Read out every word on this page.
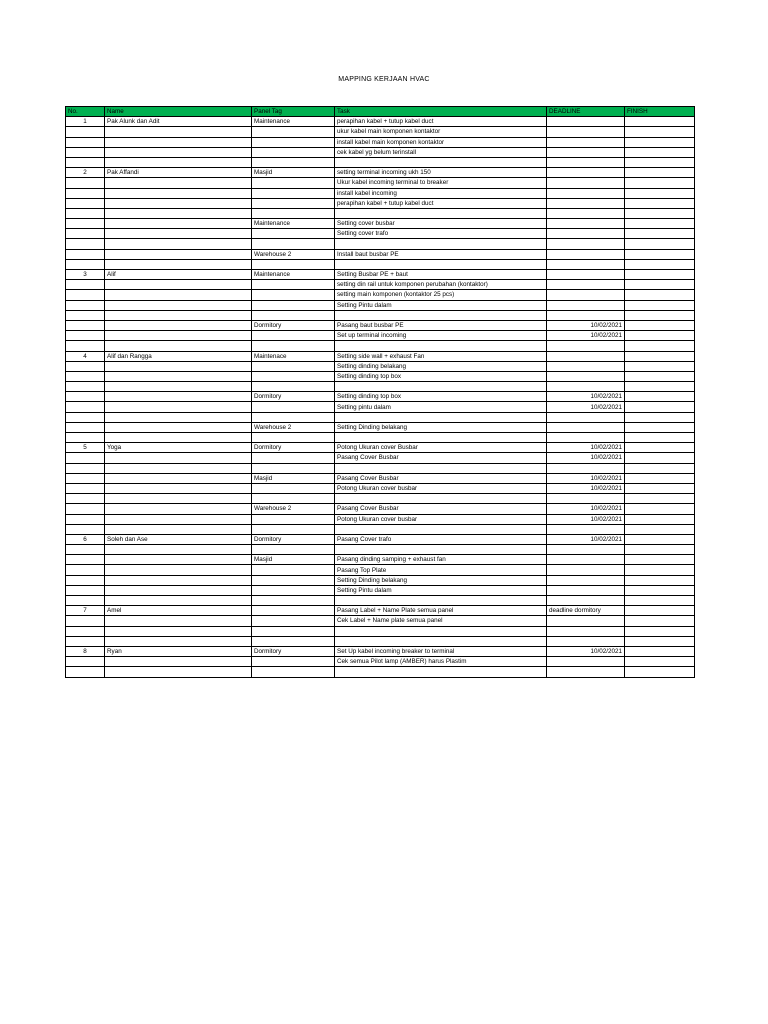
MAPPING KERJAAN HVAC
No.	Name	Panel Tag	Task	DEADLINE	FINISH
1	Pak Alunk dan Adit	Maintenance	perapihan kabel + tutup kabel duct		
			ukur kabel main komponen kontaktor		
			install kabel main komponen kontaktor		
			cek kabel yg belum terinstall		

2	Pak Affandi	Masjid	setting terminal incoming ukh 150		
			Ukur kabel incoming terminal to breaker		
			install kabel incoming		
			perapihan kabel + tutup kabel duct		

		Maintenance	Setting cover busbar		
			Setting cover trafo		

		Warehouse 2	Install baut busbar PE		

3	Alif	Maintenance	Setting Busbar PE + baut		
			setting din rail untuk komponen perubahan (kontaktor)		
			setting main komponen (kontaktor 25 pcs)		
			Setting Pintu dalam		

		Dormitory	Pasang baut busbar PE	10/02/2021	
			Set up terminal incoming	10/02/2021	

4	Alif dan Rangga	Maintenace	Setting side wall + exhaust Fan		
			Setting dinding belakang		
			Setting dinding top box		

		Dormitory	Setting dinding top box	10/02/2021	
			Setting pintu dalam	10/02/2021	

		Warehouse 2	Setting Dinding belakang		

5	Yoga	Dormitory	Potong Ukuran cover Busbar	10/02/2021	
			Pasang Cover Busbar	10/02/2021	

		Masjid	Pasang Cover Busbar	10/02/2021	
			Potong Ukuran cover busbar	10/02/2021	

		Warehouse 2	Pasang Cover Busbar	10/02/2021	
			Potong Ukuran cover busbar	10/02/2021	

6	Soleh dan Ase	Dormitory	Pasang Cover trafo	10/02/2021	

		Masjid	Pasang dinding samping + exhaust fan		
			Pasang Top Plate		
			Setting Dinding belakang		
			Setting Pintu dalam		

7	Amel		Pasang Label + Name Plate semua panel	deadline dormitory	
			Cek Label + Name plate semua panel		

8	Ryan	Dormitory	Set Up kabel incoming breaker to terminal	10/02/2021	
			Cek semua Pilot lamp (AMBER) harus Plastim		
